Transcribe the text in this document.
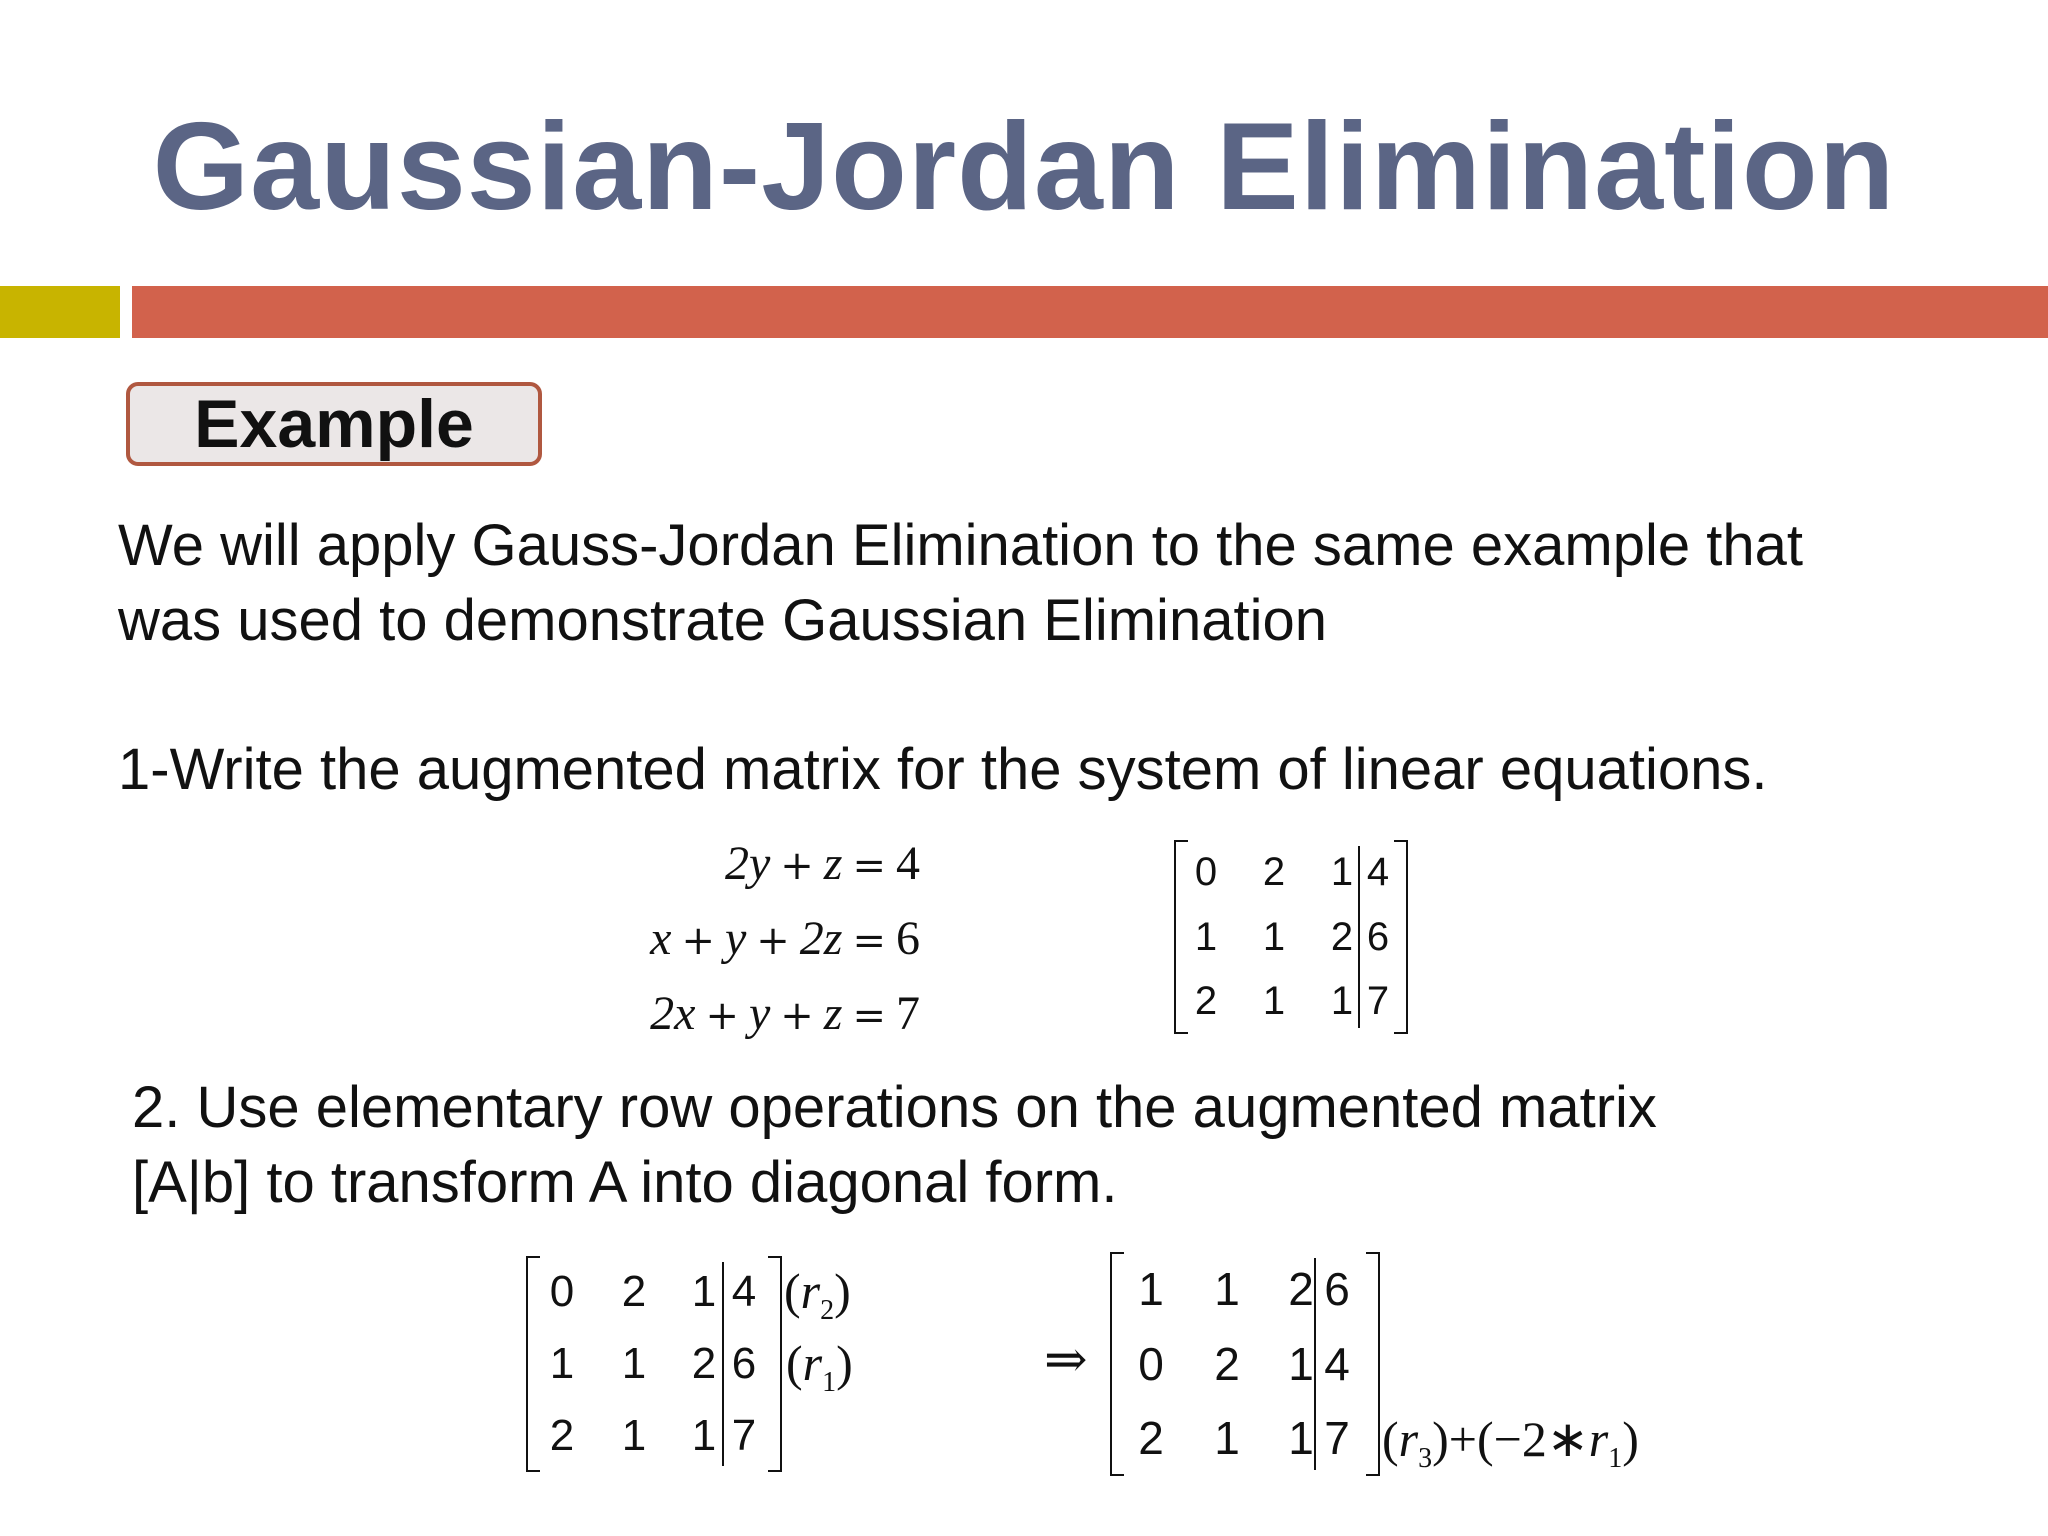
Gaussian-Jordan Elimination
Example
We will apply Gauss-Jordan Elimination to the same example that
was used to demonstrate Gaussian Elimination
1-Write the augmented matrix for the system of linear equations.
2y + z = 4
x + y + 2z = 6
2x + y + z = 7
0 2 1 4
1 1 2 6
2 1 1 7
2. Use elementary row operations on the augmented matrix
[A|b] to transform A into diagonal form.
0 2 1 4
1 1 2 6
2 1 1 7
$(r_2)$
$(r_1)$	⇒
1 1 2 6
0 2 1 4
2 1 1 7 $(r_3)+(-2∗r_1)$
